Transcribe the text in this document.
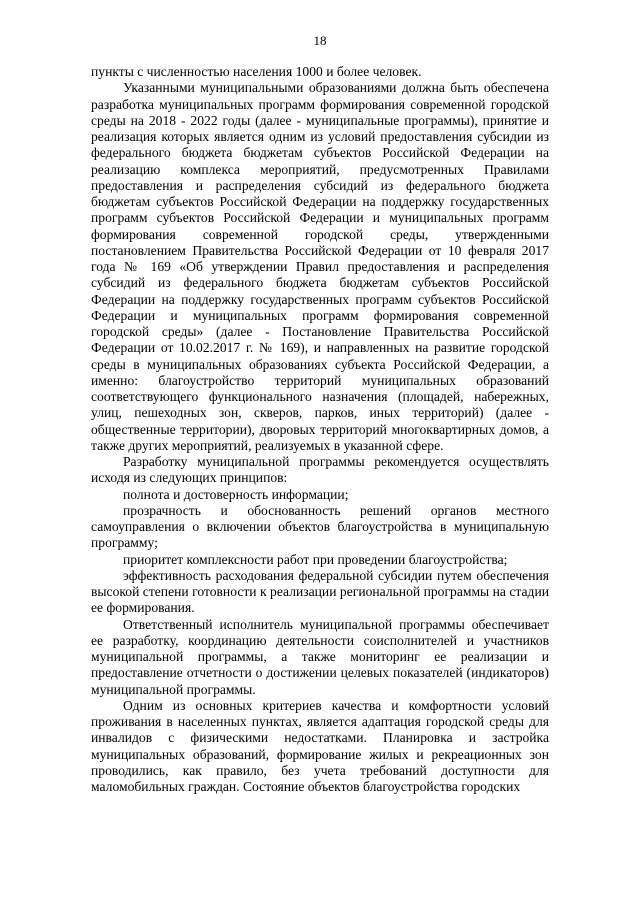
18

пункты с численностью населения 1000 и более человек.

Указанными муниципальными образованиями должна быть обеспечена разработка муниципальных программ формирования современной городской среды на 2018 - 2022 годы (далее - муниципальные программы), принятие и реализация которых является одним из условий предоставления субсидии из федерального бюджета бюджетам субъектов Российской Федерации на реализацию комплекса мероприятий, предусмотренных Правилами предоставления и распределения субсидий из федерального бюджета бюджетам субъектов Российской Федерации на поддержку государственных программ субъектов Российской Федерации и муниципальных программ формирования современной городской среды, утвержденными постановлением Правительства Российской Федерации от 10 февраля 2017 года № 169 «Об утверждении Правил предоставления и распределения субсидий из федерального бюджета бюджетам субъектов Российской Федерации на поддержку государственных программ субъектов Российской Федерации и муниципальных программ формирования современной городской среды» (далее - Постановление Правительства Российской Федерации от 10.02.2017 г. № 169), и направленных на развитие городской среды в муниципальных образованиях субъекта Российской Федерации, а именно: благоустройство территорий муниципальных образований соответствующего функционального назначения (площадей, набережных, улиц, пешеходных зон, скверов, парков, иных территорий) (далее - общественные территории), дворовых территорий многоквартирных домов, а также других мероприятий, реализуемых в указанной сфере.

Разработку муниципальной программы рекомендуется осуществлять исходя из следующих принципов:

полнота и достоверность информации;

прозрачность и обоснованность решений органов местного самоуправления о включении объектов благоустройства в муниципальную программу;

приоритет комплексности работ при проведении благоустройства;

эффективность расходования федеральной субсидии путем обеспечения высокой степени готовности к реализации региональной программы на стадии ее формирования.

Ответственный исполнитель муниципальной программы обеспечивает ее разработку, координацию деятельности соисполнителей и участников муниципальной программы, а также мониторинг ее реализации и предоставление отчетности о достижении целевых показателей (индикаторов) муниципальной программы.

Одним из основных критериев качества и комфортности условий проживания в населенных пунктах, является адаптация городской среды для инвалидов с физическими недостатками. Планировка и застройка муниципальных образований, формирование жилых и рекреационных зон проводились, как правило, без учета требований доступности для маломобильных граждан. Состояние объектов благоустройства городских
